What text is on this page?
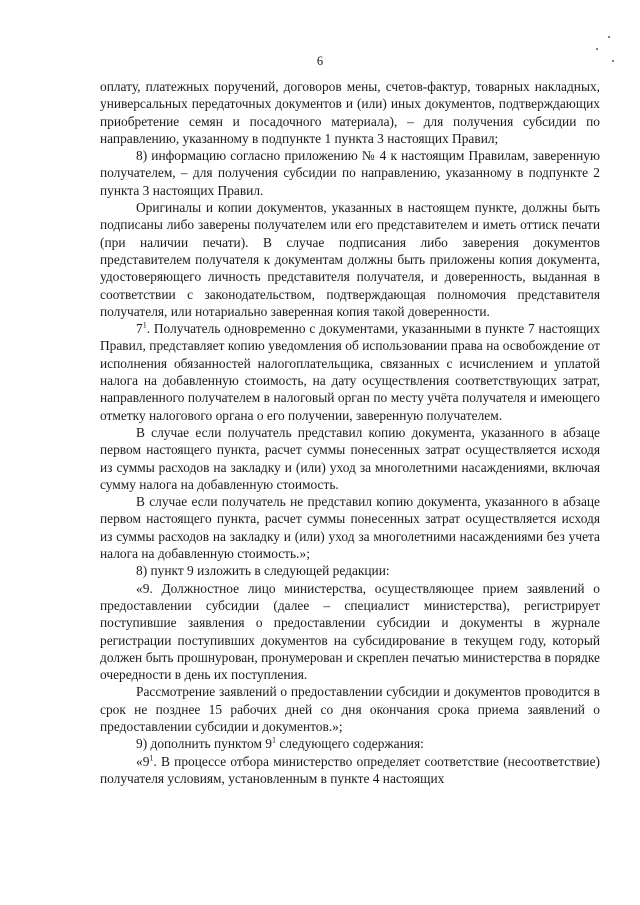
6

оплату, платежных поручений, договоров мены, счетов-фактур, товарных накладных, универсальных передаточных документов и (или) иных документов, подтверждающих приобретение семян и посадочного материала), – для получения субсидии по направлению, указанному в подпункте 1 пункта 3 настоящих Правил;

8) информацию согласно приложению № 4 к настоящим Правилам, заверенную получателем, – для получения субсидии по направлению, указанному в подпункте 2 пункта 3 настоящих Правил.

Оригиналы и копии документов, указанных в настоящем пункте, должны быть подписаны либо заверены получателем или его представителем и иметь оттиск печати (при наличии печати). В случае подписания либо заверения документов представителем получателя к документам должны быть приложены копия документа, удостоверяющего личность представителя получателя, и доверенность, выданная в соответствии с законодательством, подтверждающая полномочия представителя получателя, или нотариально заверенная копия такой доверенности.

$7^1$. Получатель одновременно с документами, указанными в пункте 7 настоящих Правил, представляет копию уведомления об использовании права на освобождение от исполнения обязанностей налогоплательщика, связанных с исчислением и уплатой налога на добавленную стоимость, на дату осуществления соответствующих затрат, направленного получателем в налоговый орган по месту учёта получателя и имеющего отметку налогового органа о его получении, заверенную получателем.

В случае если получатель представил копию документа, указанного в абзаце первом настоящего пункта, расчет суммы понесенных затрат осуществляется исходя из суммы расходов на закладку и (или) уход за многолетними насаждениями, включая сумму налога на добавленную стоимость.

В случае если получатель не представил копию документа, указанного в абзаце первом настоящего пункта, расчет суммы понесенных затрат осуществляется исходя из суммы расходов на закладку и (или) уход за многолетними насаждениями без учета налога на добавленную стоимость.»;

8) пункт 9 изложить в следующей редакции:

«9. Должностное лицо министерства, осуществляющее прием заявлений о предоставлении субсидии (далее – специалист министерства), регистрирует поступившие заявления о предоставлении субсидии и документы в журнале регистрации поступивших документов на субсидирование в текущем году, который должен быть прошнурован, пронумерован и скреплен печатью министерства в порядке очередности в день их поступления.

Рассмотрение заявлений о предоставлении субсидии и документов проводится в срок не позднее 15 рабочих дней со дня окончания срока приема заявлений о предоставлении субсидии и документов.»;

9) дополнить пунктом $9^1$ следующего содержания:

«$9^1$. В процессе отбора министерство определяет соответствие (несоответствие) получателя условиям, установленным в пункте 4 настоящих
